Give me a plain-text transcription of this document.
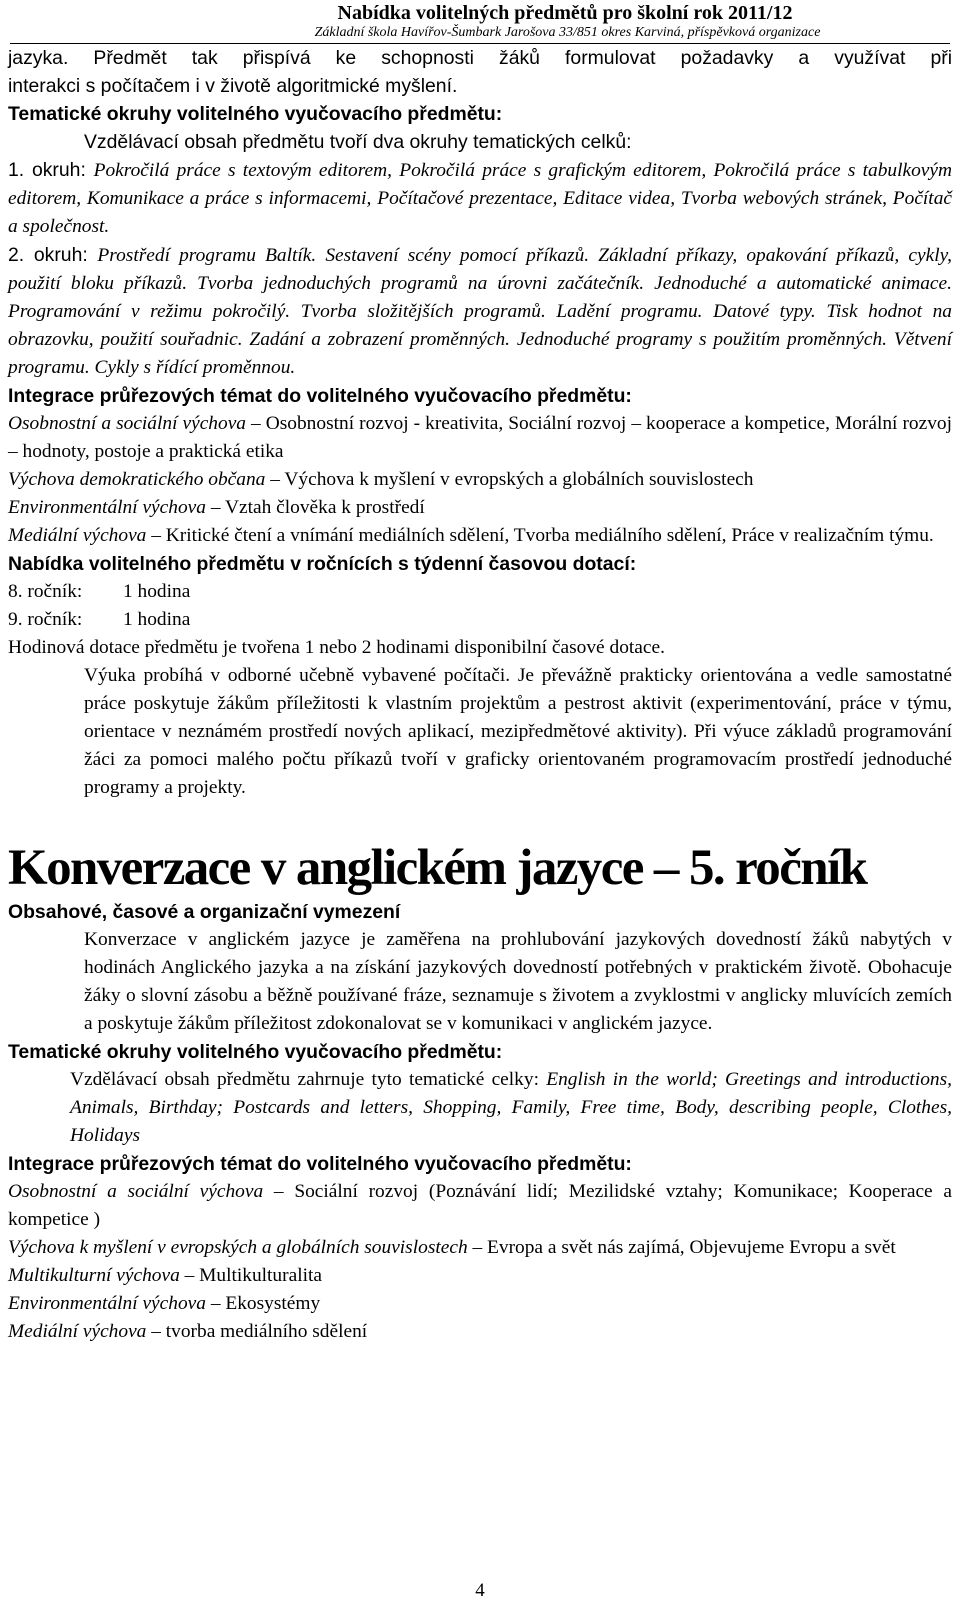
Nabídka volitelných předmětů pro školní rok 2011/12
Základní škola Havířov-Šumbark Jarošova 33/851 okres Karviná, příspěvková organizace

jazyka. Předmět tak přispívá ke schopnosti žáků formulovat požadavky a využívat při

interakci s počítačem i v životě algoritmické myšlení.

Tematické okruhy volitelného vyučovacího předmětu:

Vzdělávací obsah předmětu tvoří dva okruhy tematických celků:

1. okruh: Pokročilá práce s textovým editorem, Pokročilá práce s grafickým editorem, Pokročilá práce s tabulkovým editorem, Komunikace a práce s informacemi, Počítačové prezentace, Editace videa, Tvorba webových stránek, Počítač a společnost.

2. okruh: Prostředí programu Baltík. Sestavení scény pomocí příkazů. Základní příkazy, opakování příkazů, cykly, použití bloku příkazů. Tvorba jednoduchých programů na úrovni začátečník. Jednoduché a automatické animace. Programování v režimu pokročilý. Tvorba složitějších programů. Ladění programu. Datové typy. Tisk hodnot na obrazovku, použití souřadnic. Zadání a zobrazení proměnných. Jednoduché programy s použitím proměnných. Větvení programu. Cykly s řídící proměnnou.

Integrace průřezových témat do volitelného vyučovacího předmětu:

Osobnostní a sociální výchova – Osobnostní rozvoj - kreativita, Sociální rozvoj – kooperace a kompetice, Morální rozvoj – hodnoty, postoje a praktická etika

Výchova demokratického občana – Výchova k myšlení v evropských a globálních souvislostech

Environmentální výchova – Vztah člověka k prostředí

Mediální výchova – Kritické čtení a vnímání mediálních sdělení, Tvorba mediálního sdělení, Práce v realizačním týmu.

Nabídka volitelného předmětu v ročnících s týdenní časovou dotací:

8. ročník: 1 hodina

9. ročník: 1 hodina

Hodinová dotace předmětu je tvořena 1 nebo 2 hodinami disponibilní časové dotace.

Výuka probíhá v odborné učebně vybavené počítači. Je převážně prakticky orientována a vedle samostatné práce poskytuje žákům příležitosti k vlastním projektům a pestrost aktivit (experimentování, práce v týmu, orientace v neznámém prostředí nových aplikací, mezipředmětové aktivity). Při výuce základů programování žáci za pomoci malého počtu příkazů tvoří v graficky orientovaném programovacím prostředí jednoduché programy a projekty.

Konverzace v anglickém jazyce – 5. ročník

Obsahové, časové a organizační vymezení

Konverzace v anglickém jazyce je zaměřena na prohlubování jazykových dovedností žáků nabytých v hodinách Anglického jazyka a na získání jazykových dovedností potřebných v praktickém životě. Obohacuje žáky o slovní zásobu a běžně používané fráze, seznamuje s životem a zvyklostmi v anglicky mluvících zemích a poskytuje žákům příležitost zdokonalovat se v komunikaci v anglickém jazyce.

Tematické okruhy volitelného vyučovacího předmětu:

Vzdělávací obsah předmětu zahrnuje tyto tematické celky: English in the world; Greetings and introductions, Animals, Birthday; Postcards and letters, Shopping, Family, Free time, Body, describing people, Clothes, Holidays

Integrace průřezových témat do volitelného vyučovacího předmětu:

Osobnostní a sociální výchova – Sociální rozvoj (Poznávání lidí; Mezilidské vztahy; Komunikace; Kooperace a kompetice )

Výchova k myšlení v evropských a globálních souvislostech – Evropa a svět nás zajímá, Objevujeme Evropu a svět

Multikulturní výchova – Multikulturalita

Environmentální výchova – Ekosystémy

Mediální výchova – tvorba mediálního sdělení

4
